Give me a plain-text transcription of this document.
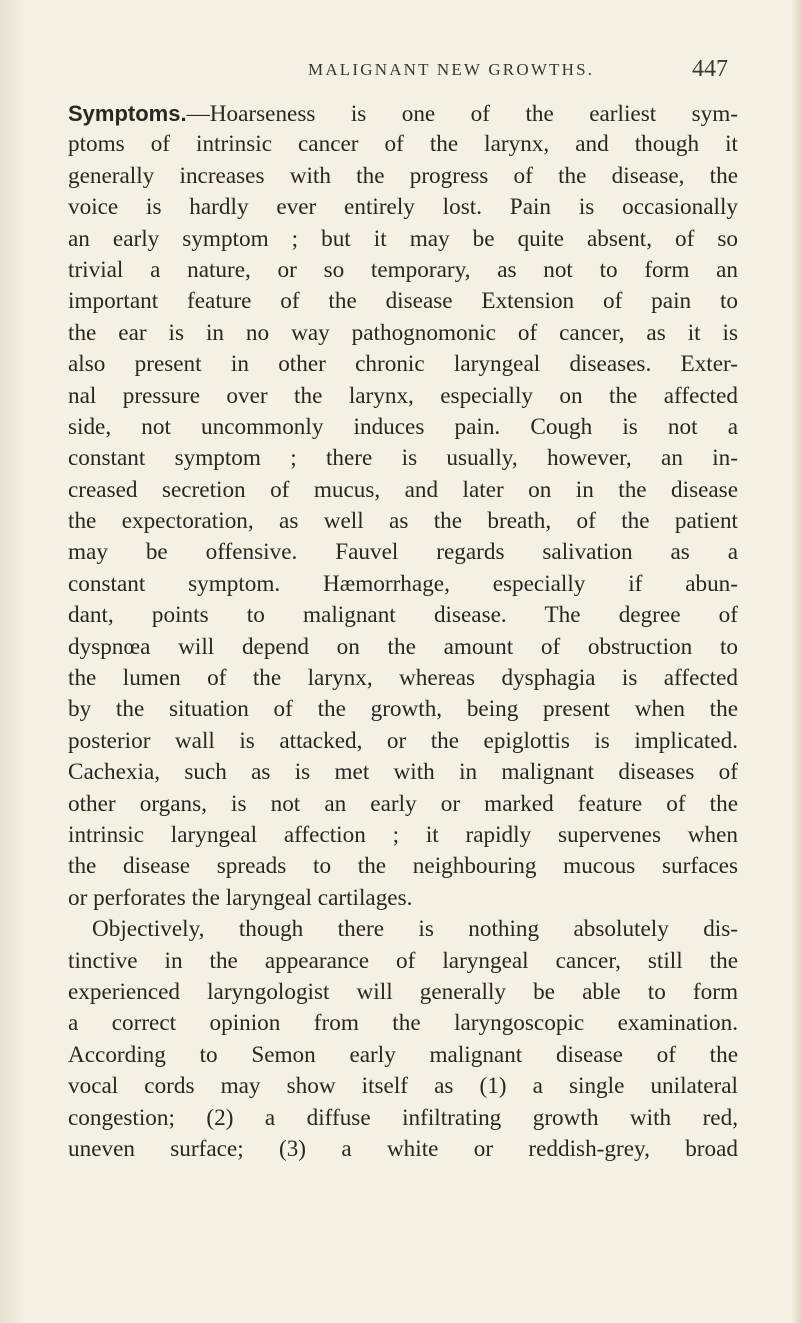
MALIGNANT NEW GROWTHS.	447
Symptoms.—Hoarseness is one of the earliest sym-
ptoms of intrinsic cancer of the larynx, and though it
generally increases with the progress of the disease, the
voice is hardly ever entirely lost. Pain is occasionally
an early symptom ; but it may be quite absent, of so
trivial a nature, or so temporary, as not to form an
important feature of the disease Extension of pain to
the ear is in no way pathognomonic of cancer, as it is
also present in other chronic laryngeal diseases. Exter-
nal pressure over the larynx, especially on the affected
side, not uncommonly induces pain. Cough is not a
constant symptom ; there is usually, however, an in-
creased secretion of mucus, and later on in the disease
the expectoration, as well as the breath, of the patient
may be offensive. Fauvel regards salivation as a
constant symptom. Hæmorrhage, especially if abun-
dant, points to malignant disease. The degree of
dyspnœa will depend on the amount of obstruction to
the lumen of the larynx, whereas dysphagia is affected
by the situation of the growth, being present when the
posterior wall is attacked, or the epiglottis is implicated.
Cachexia, such as is met with in malignant diseases of
other organs, is not an early or marked feature of the
intrinsic laryngeal affection ; it rapidly supervenes when
the disease spreads to the neighbouring mucous surfaces
or perforates the laryngeal cartilages.
Objectively, though there is nothing absolutely dis-
tinctive in the appearance of laryngeal cancer, still the
experienced laryngologist will generally be able to form
a correct opinion from the laryngoscopic examination.
According to Semon early malignant disease of the
vocal cords may show itself as (1) a single unilateral
congestion; (2) a diffuse infiltrating growth with red,
uneven surface; (3) a white or reddish-grey, broad
